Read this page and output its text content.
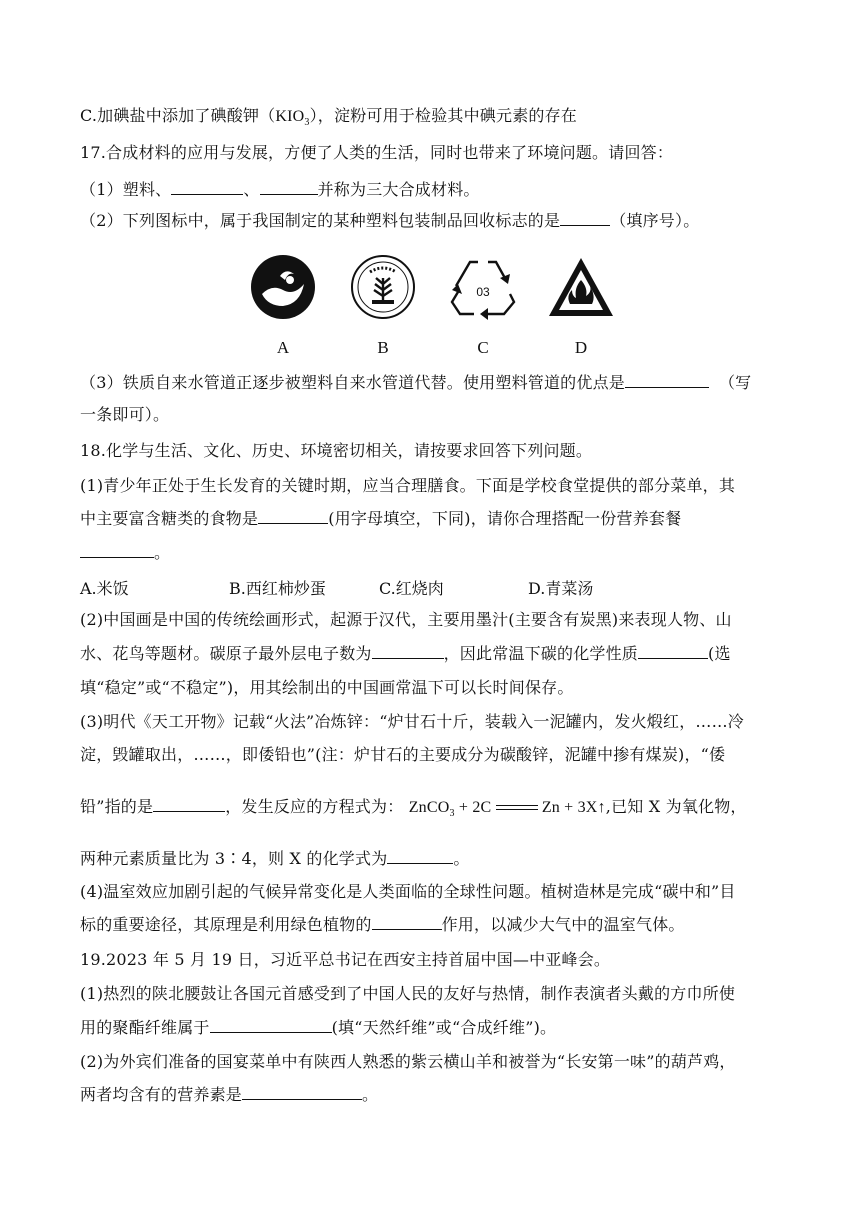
C.加碘盐中添加了碘酸钾$(KIO_3)$，淀粉可用于检验其中碘元素的存在
17.合成材料的应用与发展，方便了人类的生活，同时也带来了环境问题。请回答：
（1）塑料、	、	并称为三大合成材料。
（2）下列图标中，属于我国制定的某种塑料包装制品回收标志的是	（填序号）。
03
A	B	C	D
（3）铁质自来水管道正逐步被塑料自来水管道代替。使用塑料管道的优点是	（写
一条即可）。
18.化学与生活、文化、历史、环境密切相关，请按要求回答下列问题。
(1)青少年正处于生长发育的关键时期，应当合理膳食。下面是学校食堂提供的部分菜单，其
中主要富含糖类的食物是	(用字母填空，下同)，请你合理搭配一份营养套餐
。
A.米饭	B.西红柿炒蛋	C.红烧肉	D.青菜汤
(2)中国画是中国的传统绘画形式，起源于汉代，主要用墨汁(主要含有炭黑)来表现人物、山
水、花鸟等题材。碳原子最外层电子数为	，因此常温下碳的化学性质	(选
填“稳定”或“不稳定”)，用其绘制出的中国画常温下可以长时间保存。
(3)明代《天工开物》记载“火法”冶炼锌：“炉甘石十斤，装载入一泥罐内，发火煅红，……冷
淀，毁罐取出，……，即倭铅也”(注：炉甘石的主要成分为碳酸锌，泥罐中掺有煤炭)，“倭
铅”指的是	，发生反应的方程式为： ZnCO$_3$ + 2C	Zn + 3X↑,已知 X 为氧化物，
两种元素质量比为 3∶4，则 X 的化学式为	。
(4)温室效应加剧引起的气候异常变化是人类面临的全球性问题。植树造林是完成“碳中和”目
标的重要途径，其原理是利用绿色植物的	作用，以减少大气中的温室气体。
19.2023 年 5 月 19 日，习近平总书记在西安主持首届中国—中亚峰会。
(1)热烈的陕北腰鼓让各国元首感受到了中国人民的友好与热情，制作表演者头戴的方巾所使
用的聚酯纤维属于	(填“天然纤维”或“合成纤维”)。
(2)为外宾们准备的国宴菜单中有陕西人熟悉的紫云横山羊和被誉为“长安第一味”的葫芦鸡，
两者均含有的营养素是	。
